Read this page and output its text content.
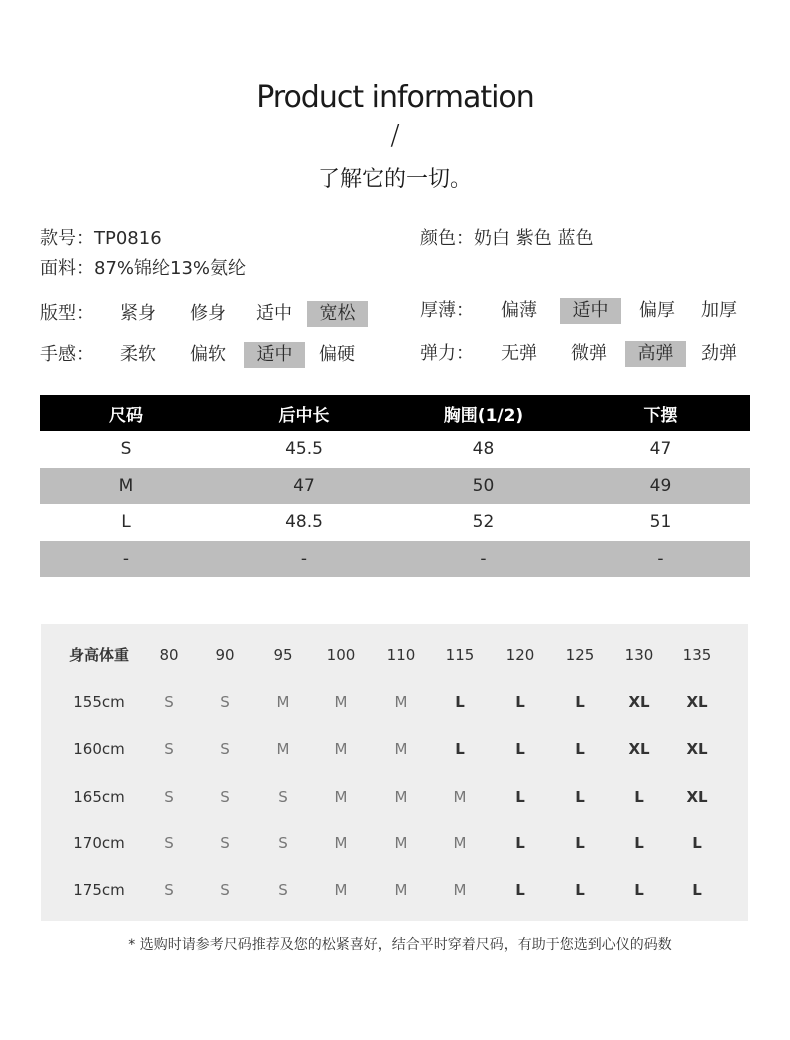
Product information
/
了解它的一切。
款号：TP0816	颜色：奶白 紫色 蓝色
面料：87%锦纶13%氨纶
版型：	紧身	修身	适中	宽松	厚薄：	偏薄	适中	偏厚	加厚
手感：	柔软	偏软	适中	偏硬	弹力：	无弹	微弹	高弹	劲弹
尺码	后中长	胸围(1/2)	下摆
S	45.5	48	47
M	47	50	49
L	48.5	52	51
-	-	-	-
身高体重	80	90	95	100	110	115	120	125	130	135
155cm	S	S	M	M	M	L	L	L	XL	XL
160cm	S	S	M	M	M	L	L	L	XL	XL
165cm	S	S	S	M	M	M	L	L	L	XL
170cm	S	S	S	M	M	M	L	L	L	L
175cm	S	S	S	M	M	M	L	L	L	L
* 选购时请参考尺码推荐及您的松紧喜好，结合平时穿着尺码，有助于您选到心仪的码数
